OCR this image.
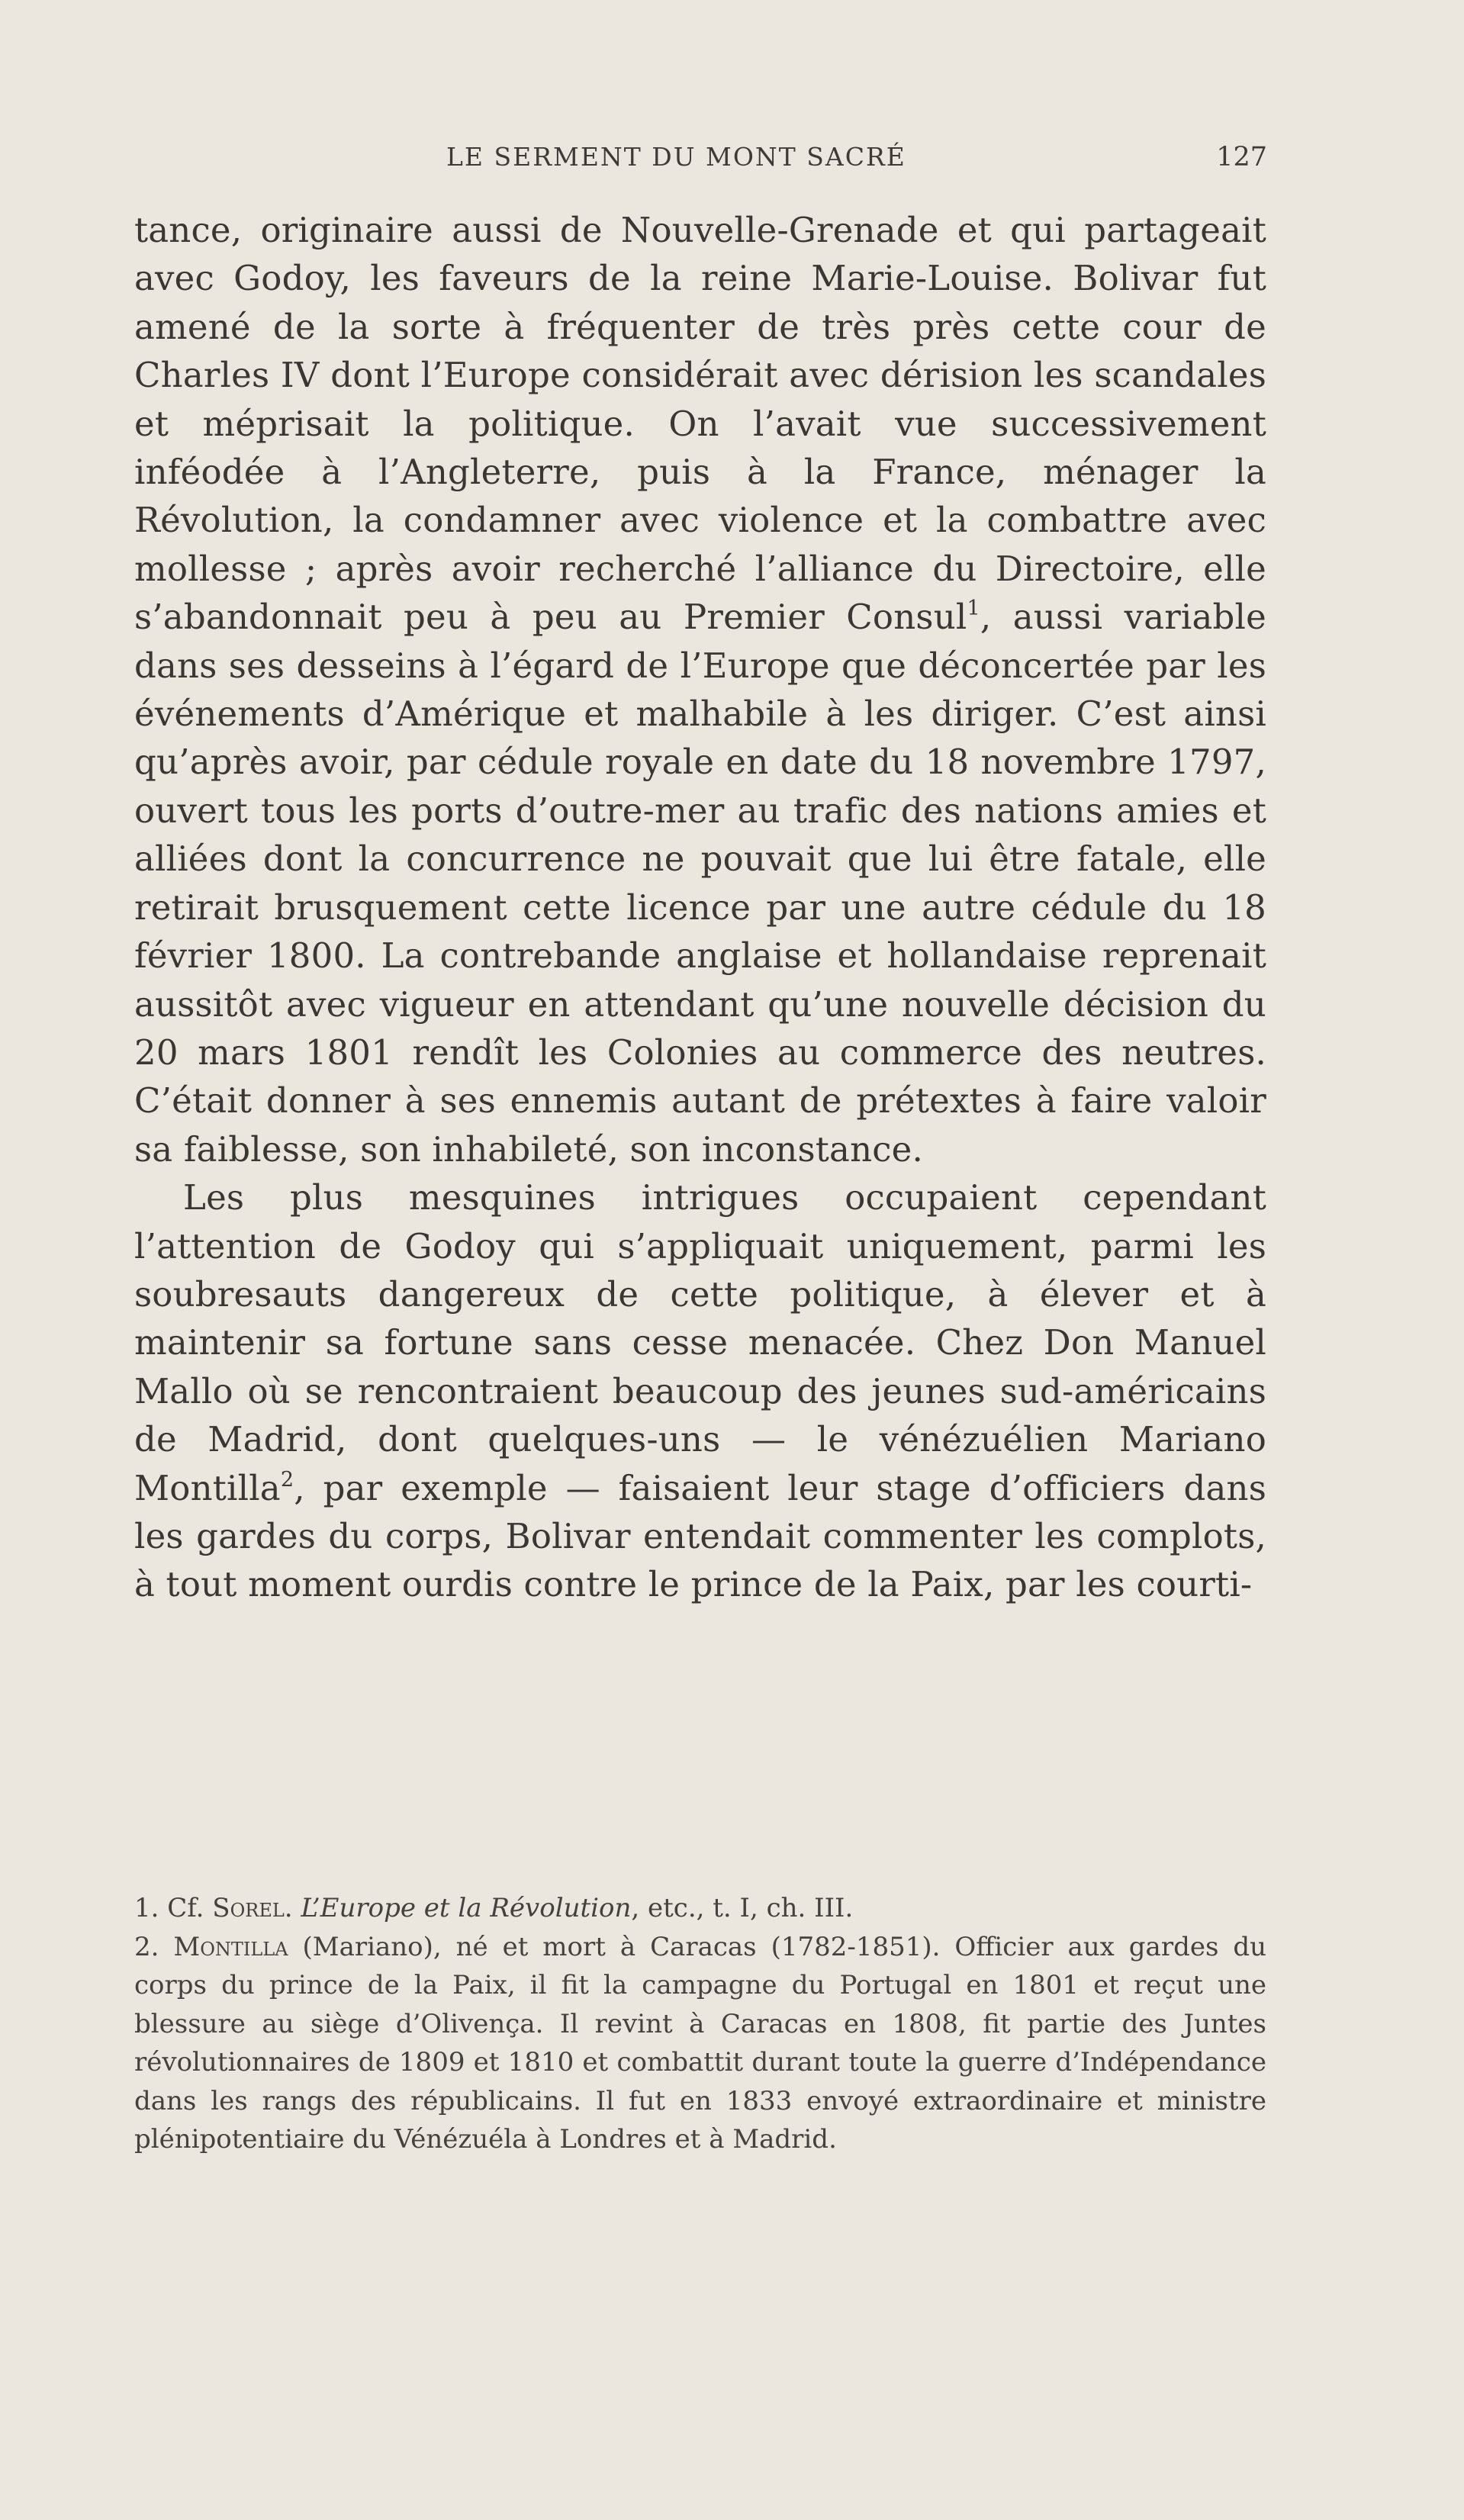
LE SERMENT DU MONT SACRÉ	127

tance, originaire aussi de Nouvelle-Grenade et qui partageait avec Godoy, les faveurs de la reine Marie-Louise. Bolivar fut amené de la sorte à fréquenter de très près cette cour de Charles IV dont l’Europe considérait avec dérision les scandales et méprisait la politique. On l’avait vue successivement inféodée à l’Angleterre, puis à la France, ménager la Révolution, la condamner avec violence et la combattre avec mollesse ; après avoir recherché l’alliance du Directoire, elle s’abandonnait peu à peu au Premier Consul$^1$, aussi variable dans ses desseins à l’égard de l’Europe que déconcertée par les événements d’Amérique et malhabile à les diriger. C’est ainsi qu’après avoir, par cédule royale en date du 18 novembre 1797, ouvert tous les ports d’outre-mer au trafic des nations amies et alliées dont la concurrence ne pouvait que lui être fatale, elle retirait brusquement cette licence par une autre cédule du 18 février 1800. La contrebande anglaise et hollandaise reprenait aussitôt avec vigueur en attendant qu’une nouvelle décision du 20 mars 1801 rendît les Colonies au commerce des neutres. C’était donner à ses ennemis autant de prétextes à faire valoir sa faiblesse, son inhabileté, son inconstance.

Les plus mesquines intrigues occupaient cependant l’attention de Godoy qui s’appliquait uniquement, parmi les soubresauts dangereux de cette politique, à élever et à maintenir sa fortune sans cesse menacée. Chez Don Manuel Mallo où se rencontraient beaucoup des jeunes sud-américains de Madrid, dont quelques-uns — le vénézuélien Mariano Montilla$^2$, par exemple — faisaient leur stage d’officiers dans les gardes du corps, Bolivar entendait commenter les complots, à tout moment ourdis contre le prince de la Paix, par les courti-

1. Cf. Sorel. L’Europe et la Révolution, etc., t. I, ch. III.

2. Montilla (Mariano), né et mort à Caracas (1782-1851). Officier aux gardes du corps du prince de la Paix, il fit la campagne du Portugal en 1801 et reçut une blessure au siège d’Olivença. Il revint à Caracas en 1808, fit partie des Juntes révolutionnaires de 1809 et 1810 et combattit durant toute la guerre d’Indépendance dans les rangs des républicains. Il fut en 1833 envoyé extraordinaire et ministre plénipotentiaire du Vénézuéla à Londres et à Madrid.
